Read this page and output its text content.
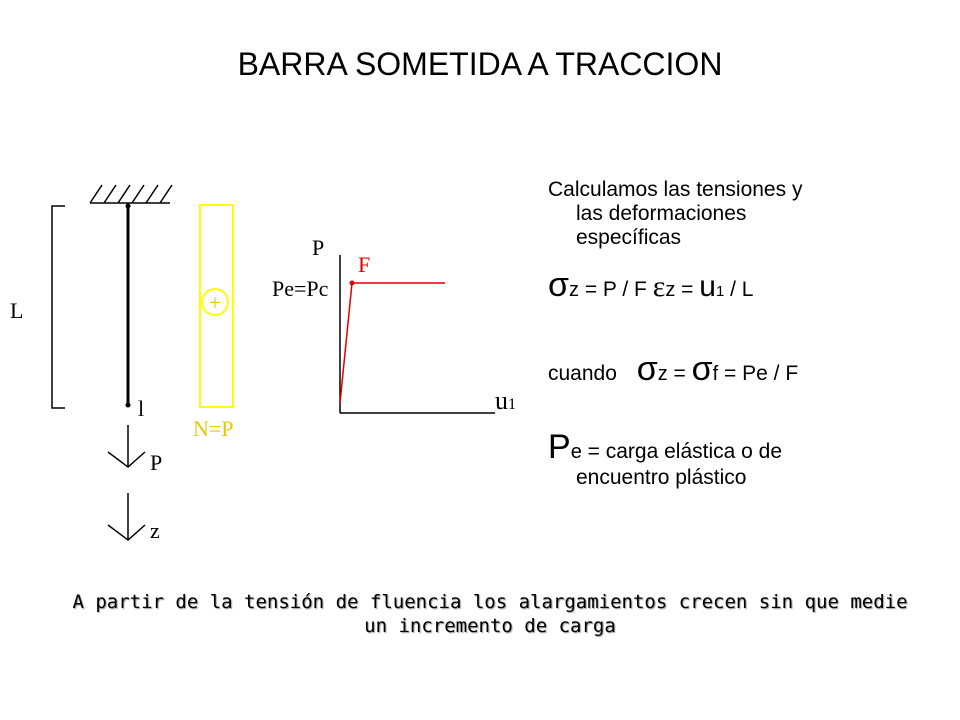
BARRA SOMETIDA A TRACCION
L
l
P
z
+
N=P
P
Pe=Pc
F
u1
Calculamos las tensiones y
las deformaciones
específicas
σz = P / F εz = u1 / L
cuando σz = σf = Pe / F
Pe = carga elástica o de
encuentro plástico
A partir de la tensión de fluencia los alargamientos crecen sin que medie
un incremento de carga
